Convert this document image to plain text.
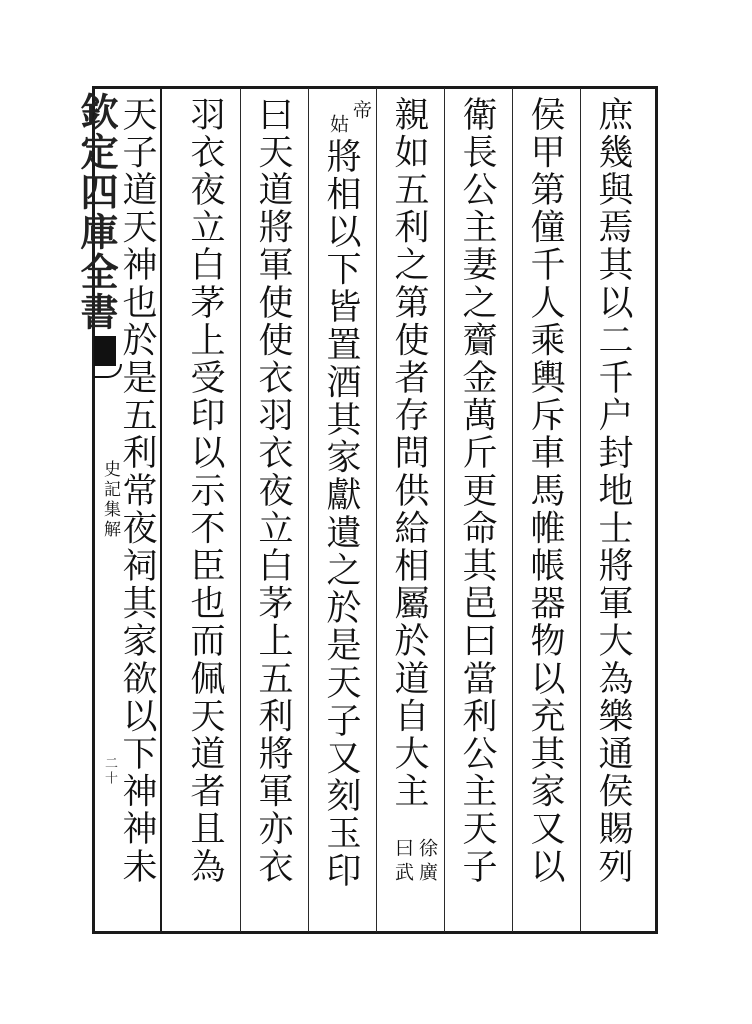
欽定四庫全書
史記集解
二十	庶幾與焉其以二千户封地士將軍大為樂通侯賜列
侯甲第僮千人乘輿斥車馬帷帳器物以充其家又以
衛長公主妻之齎金萬斤更命其邑曰當利公主天子
親如五利之第使者存問供給相屬於道自大主
將相以下皆置酒其家獻遺之於是天子又刻玉印
曰天道將軍使使衣羽衣夜立白茅上五利將軍亦衣
羽衣夜立白茅上受印以示不臣也而佩天道者且為
天子道天神也於是五利常夜祠其家欲以下神神未	徐廣
曰武
帝
姑
